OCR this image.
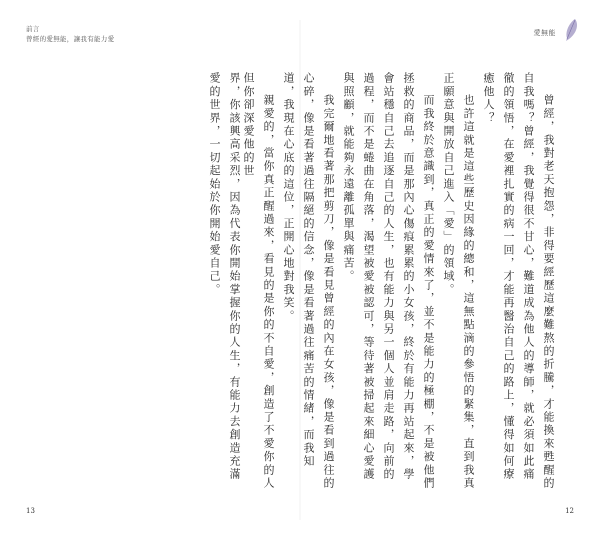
前言
曾經的愛無能，讓我有能力愛

界，你該興高采烈，因為代表你開始掌握你的人生，有能力去創造充滿愛的世界，一切起始於你開始愛自己。

13
愛無能

曾經，我對老天抱怨，非得要經歷這麼難熬的折騰，才能換來甦醒的自我嗎？曾經，我覺得很不甘心，難道成為他人的導師，就必須如此痛徹的領悟，在愛裡扎實的病一回，才能再醫治自己的路上，懂得如何療癒他人？

也許這就是這些歷史因緣的總和，這無點滴的參悟的緊集，直到我真正願意與開放自己進入「愛」的領域。

而我終於意識到，真正的愛情來了，並不是能力的極棚，不是被他們拯救的商品，而是那內心傷痕累累的小女孩，終於有能力再站起來，學會站穩自己去追逐自己的人生，也有能力與另一個人並肩走路，向前的過程，而不是蜷曲在角落，渴望被愛被認可，等待著被掃起來細心愛護與照顧，就能夠永遠離孤單與痛苦。

我完爾地看著那把剪刀，像是看見曾經的內在女孩，像是看到過往的心碎，像是看著過往隔絕的信念，像是看著過往痛苦的情緒，而我知道，我現在心底的這位，正開心地對我笑。

親愛的，當你真正醒過來，看見的是你的不自愛，創造了不愛你的人但你卻深愛他的世

12
